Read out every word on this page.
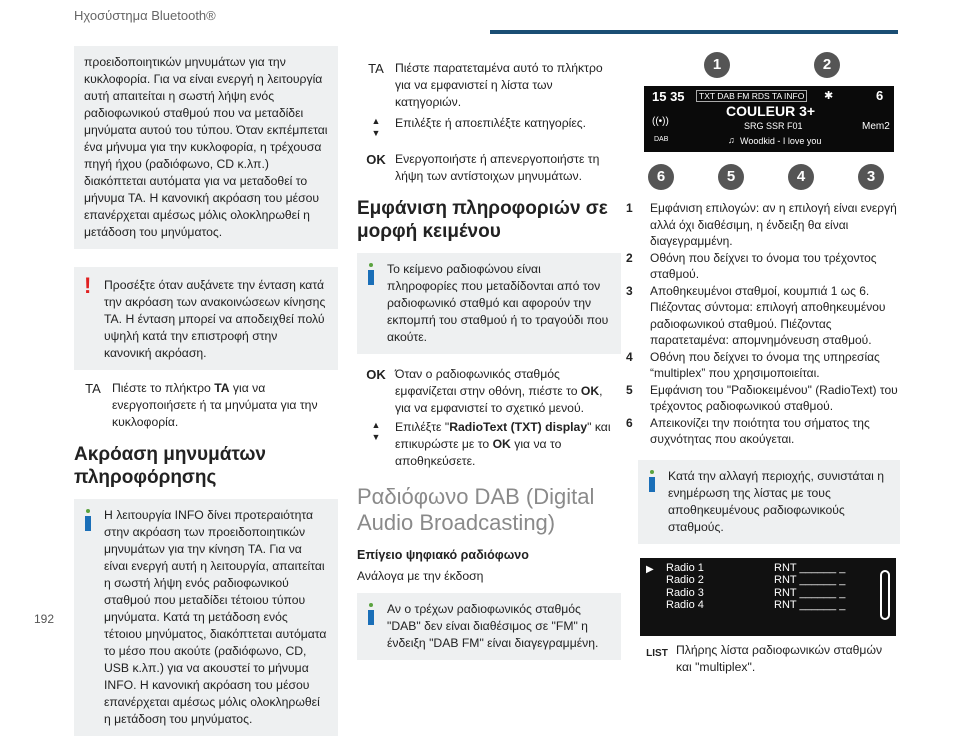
Ηχοσύστημα Bluetooth®
192
προειδοποιητικών μηνυμάτων για την κυκλοφορία. Για να είναι ενεργή η λειτουργία αυτή απαιτείται η σωστή λήψη ενός ραδιοφωνικού σταθμού που να μεταδίδει μηνύματα αυτού του τύπου. Όταν εκπέμπεται ένα μήνυμα για την κυκλοφορία, η τρέχουσα πηγή ήχου (ραδιόφωνο, CD κ.λπ.) διακόπτεται αυτόματα για να μεταδοθεί το μήνυμα TA. Η κανονική ακρόαση του μέσου επανέρχεται αμέσως μόλις ολοκληρωθεί η μετάδοση του μηνύματος.
! Προσέξτε όταν αυξάνετε την ένταση κατά την ακρόαση των ανακοινώσεων κίνησης TA. Η ένταση μπορεί να αποδειχθεί πολύ υψηλή κατά την επιστροφή στην κανονική ακρόαση.
TA Πιέστε το πλήκτρο TA για να ενεργοποιήσετε ή τα μηνύματα για την κυκλοφορία.
Ακρόαση μηνυμάτων πληροφόρησης
Η λειτουργία INFO δίνει προτεραιότητα στην ακρόαση των προειδοποιητικών μηνυμάτων για την κίνηση TA. Για να είναι ενεργή αυτή η λειτουργία, απαιτείται η σωστή λήψη ενός ραδιοφωνικού σταθμού που μεταδίδει τέτοιου τύπου μηνύματα. Κατά τη μετάδοση ενός τέτοιου μηνύματος, διακόπτεται αυτόματα το μέσο που ακούτε (ραδιόφωνο, CD, USB κ.λπ.) για να ακουστεί το μήνυμα INFO. Η κανονική ακρόαση του μέσου επανέρχεται αμέσως μόλις ολοκληρωθεί η μετάδοση του μηνύματος.
TA Πιέστε παρατεταμένα αυτό το πλήκτρο για να εμφανιστεί η λίστα των κατηγοριών.
▲
▼
Επιλέξτε ή αποεπιλέξτε κατηγορίες.
OK Ενεργοποιήστε ή απενεργοποιήστε τη λήψη των αντίστοιχων μηνυμάτων.
Εμφάνιση πληροφοριών σε μορφή κειμένου
Το κείμενο ραδιοφώνου είναι πληροφορίες που μεταδίδονται από τον ραδιοφωνικό σταθμό και αφορούν την εκπομπή του σταθμού ή το τραγούδι που ακούτε.
OK Όταν ο ραδιοφωνικός σταθμός εμφανίζεται στην οθόνη, πιέστε το OK, για να εμφανιστεί το σχετικό μενού.
▲
▼
Επιλέξτε "RadioText (TXT) display" και επικυρώστε με το OK για να το αποθηκεύσετε.
Ραδιόφωνο DAB (Digital Audio Broadcasting)
Επίγειο ψηφιακό ραδιόφωνο
Ανάλογα με την έκδοση
Αν ο τρέχων ραδιοφωνικός σταθμός "DAB" δεν είναι διαθέσιμος σε "FM" η ένδειξη "DAB FM" είναι διαγεγραμμένη.
1	2
15 35	TXT DAB FM RDS TA INFO ✱	6
COULEUR 3+
((•))	SRG SSR F01	Mem2
DAB	♫ Woodkid - I love you
6	5	4	3
1 Εμφάνιση επιλογών: αν η επιλογή είναι ενεργή αλλά όχι διαθέσιμη, η ένδειξη θα είναι διαγεγραμμένη.
2 Οθόνη που δείχνει το όνομα του τρέχοντος σταθμού.
3 Αποθηκευμένοι σταθμοί, κουμπιά 1 ως 6. Πιέζοντας σύντομα: επιλογή αποθηκευμένου ραδιοφωνικού σταθμού. Πιέζοντας παρατεταμένα: απομνημόνευση σταθμού.
4 Οθόνη που δείχνει το όνομα της υπηρεσίας “multiplex” που χρησιμοποιείται.
5 Εμφάνιση του "Ραδιοκειμένου" (RadioText) του τρέχοντος ραδιοφωνικού σταθμού.
6 Απεικονίζει την ποιότητα του σήματος της συχνότητας που ακούγεται.
Κατά την αλλαγή περιοχής, συνιστάται η ενημέρωση της λίστας με τους αποθηκευμένους ραδιοφωνικούς σταθμούς.
▶ Radio 1	RNT ______ _
Radio 2	RNT ______ _
Radio 3	RNT ______ _
Radio 4	RNT ______ _
LIST Πλήρης λίστα ραδιοφωνικών σταθμών και "multiplex".
